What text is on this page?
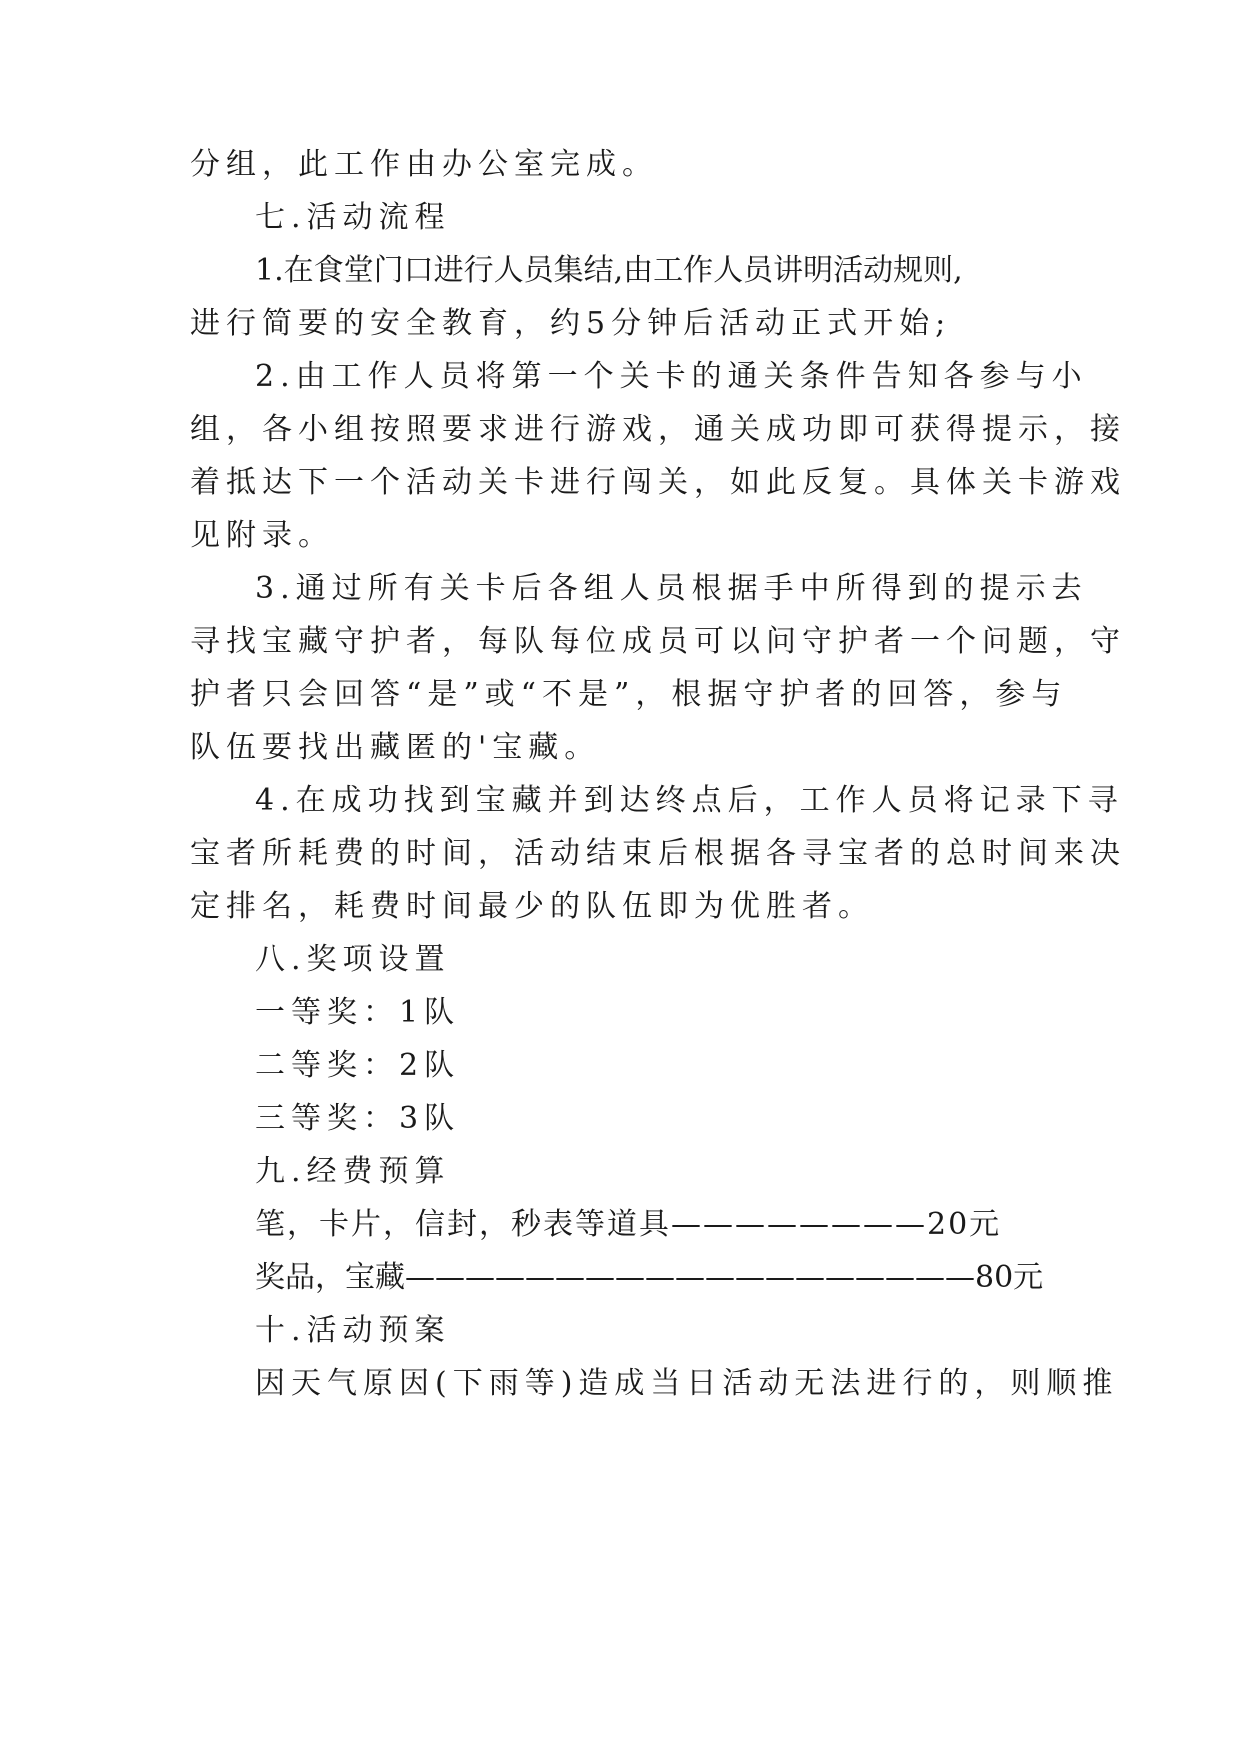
分组，此工作由办公室完成。
七.活动流程
1.在食堂门口进行人员集结,由工作人员讲明活动规则,
进行简要的安全教育，约5分钟后活动正式开始;
2.由工作人员将第一个关卡的通关条件告知各参与小
组，各小组按照要求进行游戏，通关成功即可获得提示，接
着抵达下一个活动关卡进行闯关，如此反复。具体关卡游戏
见附录。
3.通过所有关卡后各组人员根据手中所得到的提示去
寻找宝藏守护者，每队每位成员可以问守护者一个问题，守
护者只会回答“是”或“不是”，根据守护者的回答，参与
队伍要找出藏匿的'宝藏。
4.在成功找到宝藏并到达终点后，工作人员将记录下寻
宝者所耗费的时间，活动结束后根据各寻宝者的总时间来决
定排名，耗费时间最少的队伍即为优胜者。
八.奖项设置
一等奖：1队
二等奖：2队
三等奖：3队
九.经费预算
笔，卡片，信封，秒表等道具————————20元
奖品，宝藏———————————————————80元
十.活动预案
因天气原因(下雨等)造成当日活动无法进行的，则顺推
